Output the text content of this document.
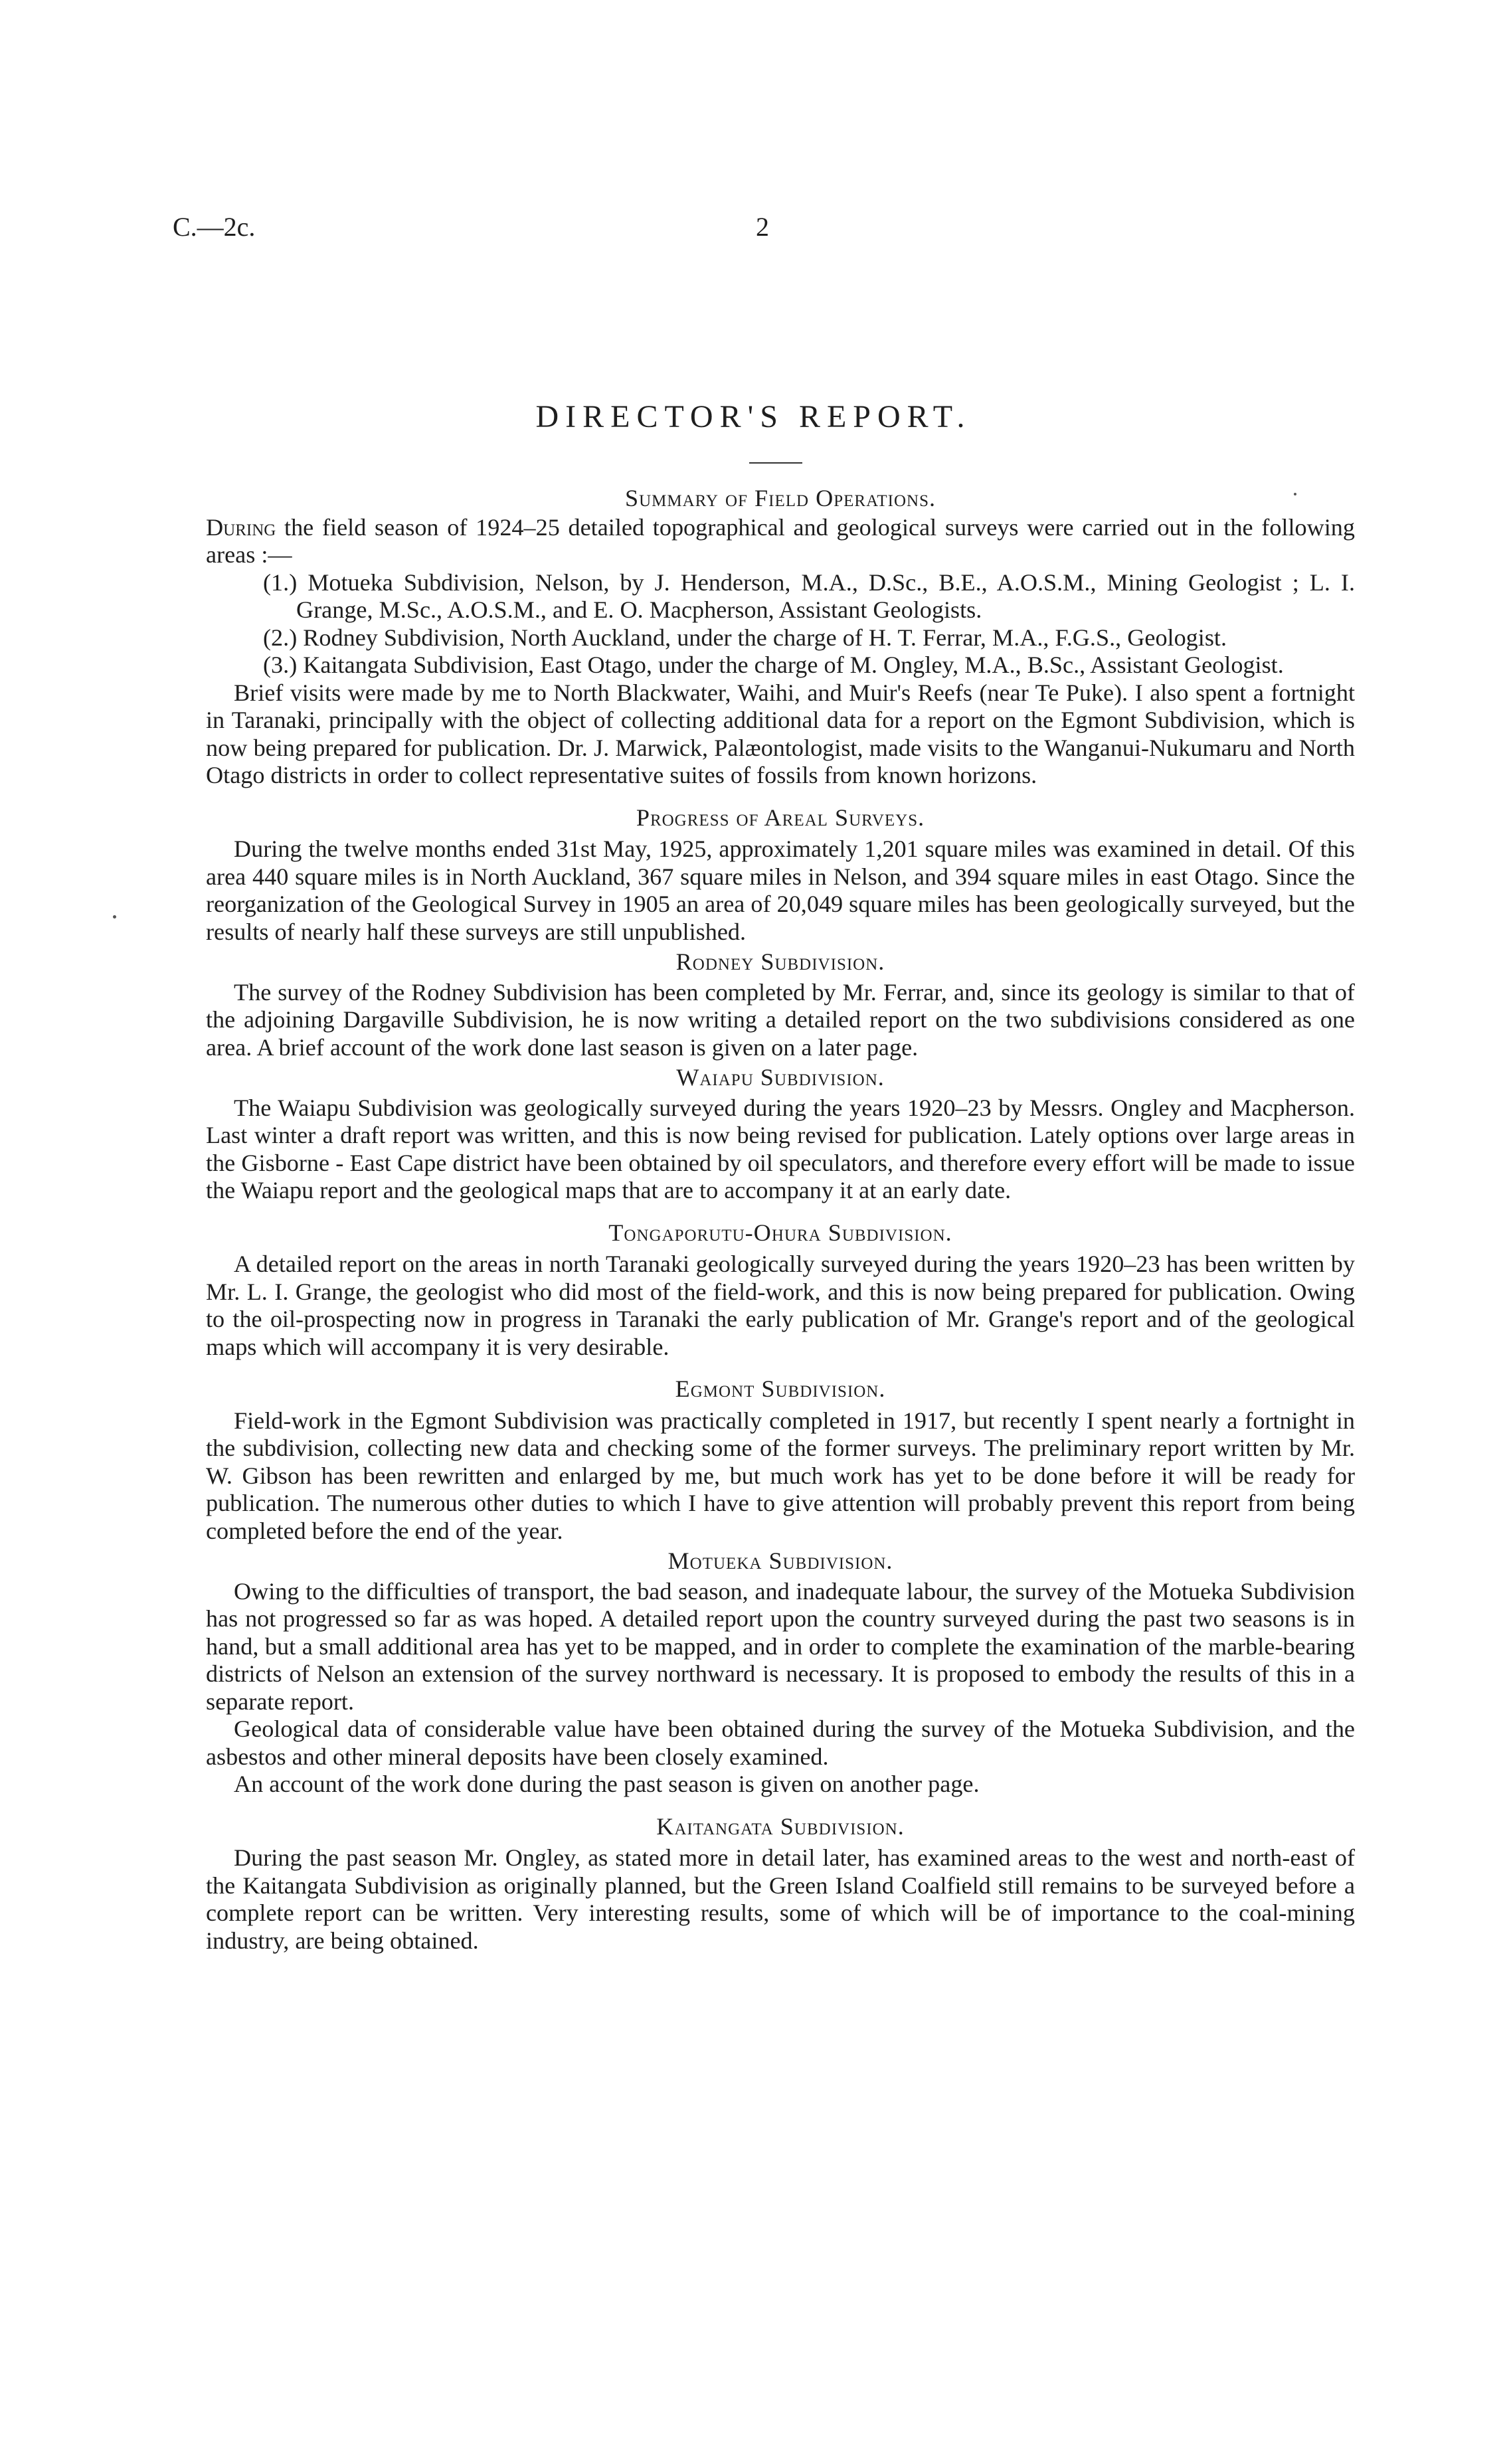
C.—2c.	2
DIRECTOR'S REPORT.

Summary of Field Operations.

During the field season of 1924–25 detailed topographical and geological surveys were carried out in the following areas :—

(1.) Motueka Subdivision, Nelson, by J. Henderson, M.A., D.Sc., B.E., A.O.S.M., Mining Geologist ; L. I. Grange, M.Sc., A.O.S.M., and E. O. Macpherson, Assistant Geologists.

(2.) Rodney Subdivision, North Auckland, under the charge of H. T. Ferrar, M.A., F.G.S., Geologist.

(3.) Kaitangata Subdivision, East Otago, under the charge of M. Ongley, M.A., B.Sc., Assistant Geologist.

Brief visits were made by me to North Blackwater, Waihi, and Muir's Reefs (near Te Puke). I also spent a fortnight in Taranaki, principally with the object of collecting additional data for a report on the Egmont Subdivision, which is now being prepared for publication. Dr. J. Marwick, Palæontologist, made visits to the Wanganui-Nukumaru and North Otago districts in order to collect representative suites of fossils from known horizons.

Progress of Areal Surveys.

During the twelve months ended 31st May, 1925, approximately 1,201 square miles was examined in detail. Of this area 440 square miles is in North Auckland, 367 square miles in Nelson, and 394 square miles in east Otago. Since the reorganization of the Geological Survey in 1905 an area of 20,049 square miles has been geologically surveyed, but the results of nearly half these surveys are still unpublished.

Rodney Subdivision.

The survey of the Rodney Subdivision has been completed by Mr. Ferrar, and, since its geology is similar to that of the adjoining Dargaville Subdivision, he is now writing a detailed report on the two subdivisions considered as one area. A brief account of the work done last season is given on a later page.

Waiapu Subdivision.

The Waiapu Subdivision was geologically surveyed during the years 1920–23 by Messrs. Ongley and Macpherson. Last winter a draft report was written, and this is now being revised for publication. Lately options over large areas in the Gisborne - East Cape district have been obtained by oil speculators, and therefore every effort will be made to issue the Waiapu report and the geological maps that are to accompany it at an early date.

Tongaporutu-Ohura Subdivision.

A detailed report on the areas in north Taranaki geologically surveyed during the years 1920–23 has been written by Mr. L. I. Grange, the geologist who did most of the field-work, and this is now being prepared for publication. Owing to the oil-prospecting now in progress in Taranaki the early publication of Mr. Grange's report and of the geological maps which will accompany it is very desirable.

Egmont Subdivision.

Field-work in the Egmont Subdivision was practically completed in 1917, but recently I spent nearly a fortnight in the subdivision, collecting new data and checking some of the former surveys. The preliminary report written by Mr. W. Gibson has been rewritten and enlarged by me, but much work has yet to be done before it will be ready for publication. The numerous other duties to which I have to give attention will probably prevent this report from being completed before the end of the year.

Motueka Subdivision.

Owing to the difficulties of transport, the bad season, and inadequate labour, the survey of the Motueka Subdivision has not progressed so far as was hoped. A detailed report upon the country surveyed during the past two seasons is in hand, but a small additional area has yet to be mapped, and in order to complete the examination of the marble-bearing districts of Nelson an extension of the survey northward is necessary. It is proposed to embody the results of this in a separate report.

Geological data of considerable value have been obtained during the survey of the Motueka Subdivision, and the asbestos and other mineral deposits have been closely examined.

An account of the work done during the past season is given on another page.

Kaitangata Subdivision.

During the past season Mr. Ongley, as stated more in detail later, has examined areas to the west and north-east of the Kaitangata Subdivision as originally planned, but the Green Island Coalfield still remains to be surveyed before a complete report can be written. Very interesting results, some of which will be of importance to the coal-mining industry, are being obtained.
